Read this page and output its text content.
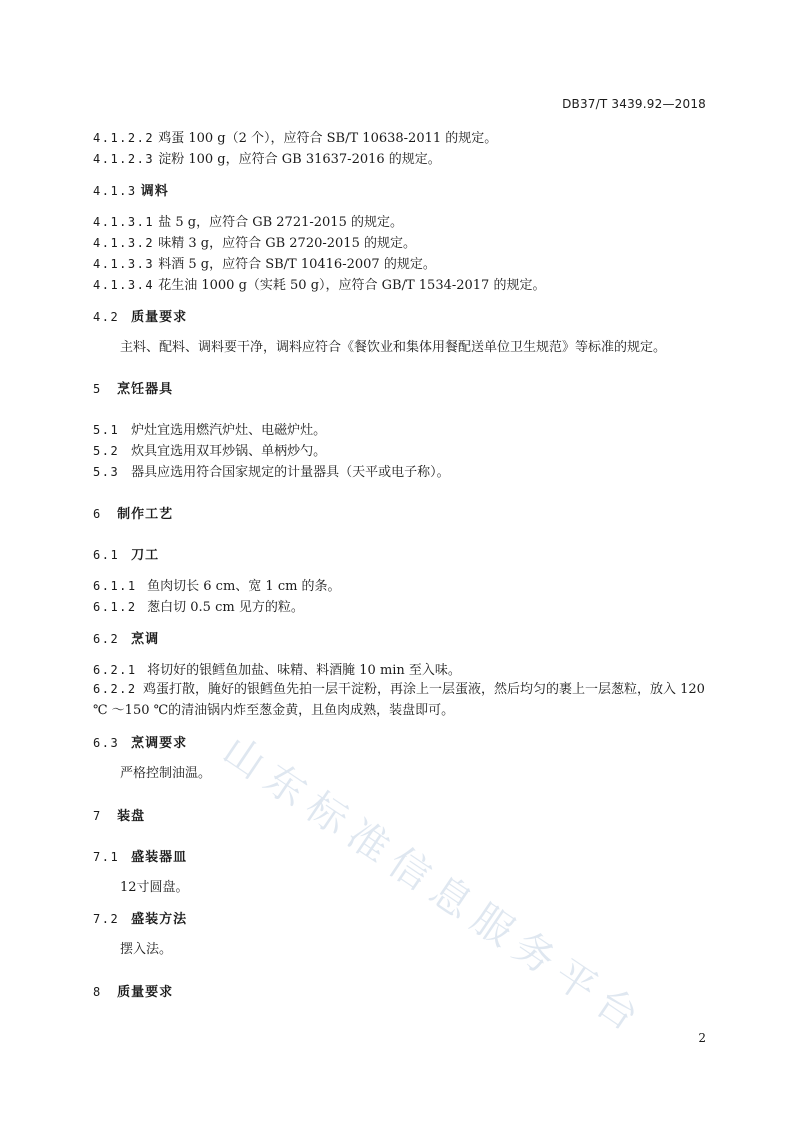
DB37/T 3439.92—2018
4.1.2.2 鸡蛋 100 g（2 个），应符合 SB/T 10638-2011 的规定。
4.1.2.3 淀粉 100 g，应符合 GB 31637-2016 的规定。
4.1.3 调料
4.1.3.1 盐 5 g，应符合 GB 2721-2015 的规定。
4.1.3.2 味精 3 g，应符合 GB 2720-2015 的规定。
4.1.3.3 料酒 5 g，应符合 SB/T 10416-2007 的规定。
4.1.3.4 花生油 1000 g（实耗 50 g），应符合 GB/T 1534-2017 的规定。
4.2 质量要求
主料、配料、调料要干净，调料应符合《餐饮业和集体用餐配送单位卫生规范》等标准的规定。
5 烹饪器具
5.1 炉灶宜选用燃汽炉灶、电磁炉灶。
5.2 炊具宜选用双耳炒锅、单柄炒勺。
5.3 器具应选用符合国家规定的计量器具（天平或电子称）。
6 制作工艺
6.1 刀工
6.1.1 鱼肉切长 6 cm、宽 1 cm 的条。
6.1.2 葱白切 0.5 cm 见方的粒。
6.2 烹调
6.2.1 将切好的银鳕鱼加盐、味精、料酒腌 10 min 至入味。
6.2.2 鸡蛋打散，腌好的银鳕鱼先拍一层干淀粉，再涂上一层蛋液，然后均匀的裹上一层葱粒，放入 120 ℃ ～150 ℃的清油锅内炸至葱金黄，且鱼肉成熟，装盘即可。
6.3 烹调要求
严格控制油温。
7 装盘
7.1 盛装器皿
12寸圆盘。
7.2 盛装方法
摆入法。
8 质量要求 山东标准信息服务平台	2
